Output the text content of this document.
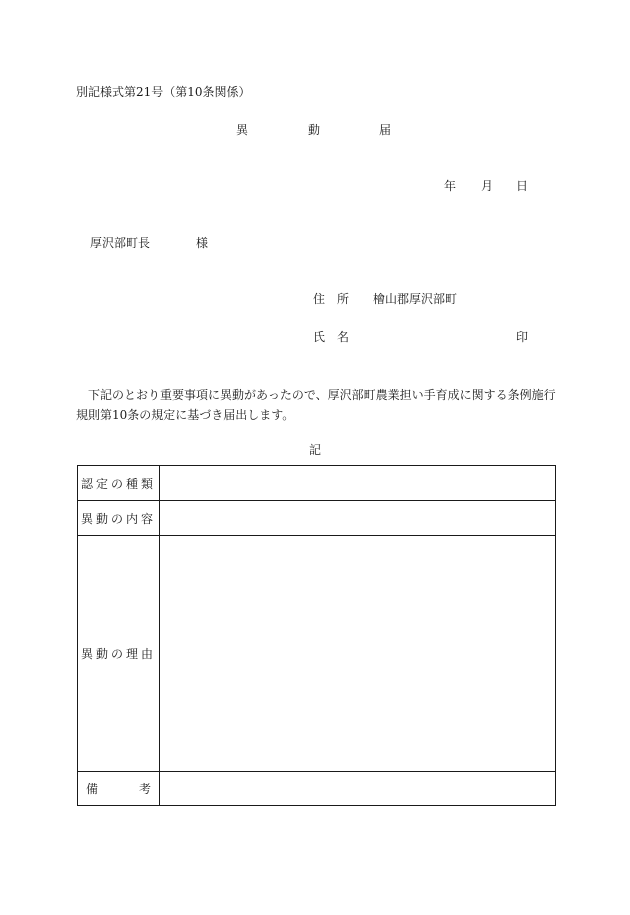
別記様式第21号（第10条関係）
異	動	届
年 月 日
厚沢部町長	様
住　所 檜山郡厚沢部町
氏　名	印
下記のとおり重要事項に異動があったので、厚沢部町農業担い手育成に関する条例施行規則第10条の規定に基づき届出します。
記
認定の種類	
異動の内容	
異動の理由	

備 考	
